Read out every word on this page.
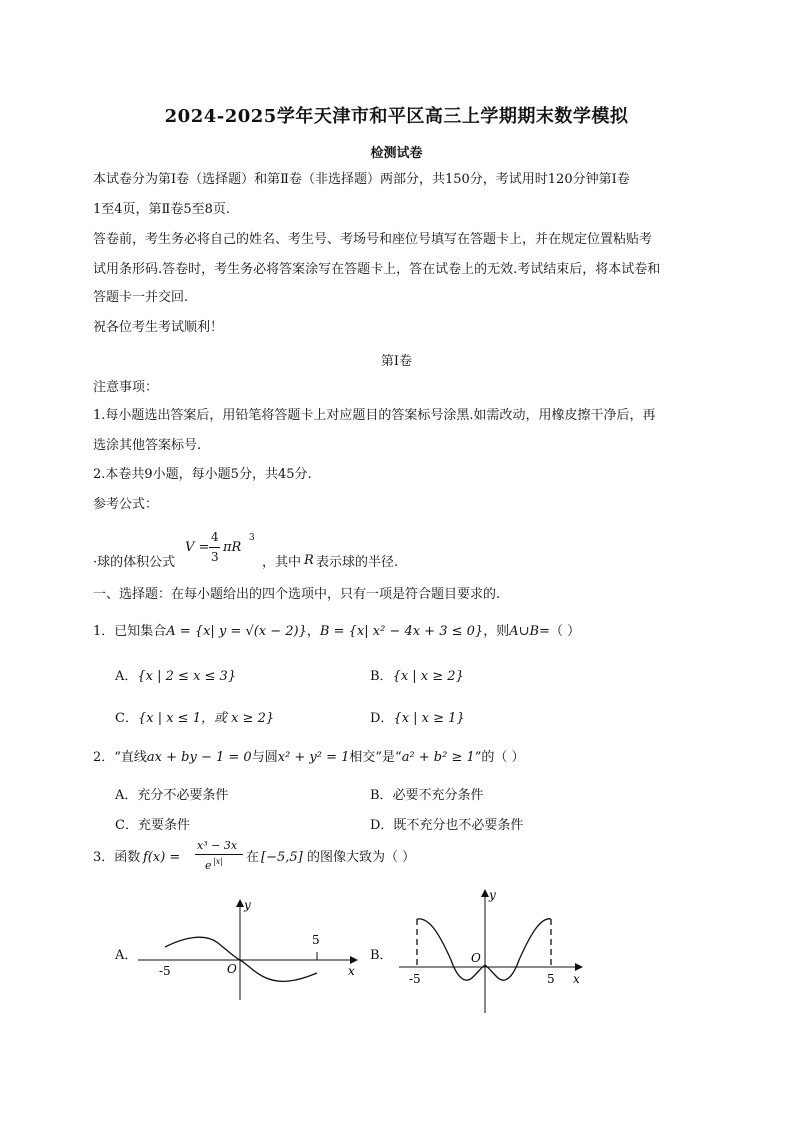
2024-2025学年天津市和平区高三上学期期末数学模拟
检测试卷
本试卷分为第Ⅰ卷（选择题）和第Ⅱ卷（非选择题）两部分，共150分，考试用时120分钟第Ⅰ卷
1至4页，第Ⅱ卷5至8页.
答卷前，考生务必将自己的姓名、考生号、考场号和座位号填写在答题卡上，并在规定位置粘贴考
试用条形码.答卷时，考生务必将答案涂写在答题卡上，答在试卷上的无效.考试结束后，将本试卷和
答题卡一并交回.
祝各位考生考试顺利！
第Ⅰ卷
注意事项：
1.每小题选出答案后，用铅笔将答题卡上对应题目的答案标号涂黑.如需改动，用橡皮擦干净后，再
选涂其他答案标号.
2.本卷共9小题，每小题5分，共45分.
参考公式：
·球的体积公式
V =
4
3
πR
3
，其中 R 表示球的半径.
一、选择题：在每小题给出的四个选项中，只有一项是符合题目要求的.
1．已知集合A = {x| y = √(x − 2)}，B = {x| x² − 4x + 3 ≤ 0}，则A∪B=（ ）
A．{x | 2 ≤ x ≤ 3}	B．{x | x ≥ 2}
C．{x | x ≤ 1，或 x ≥ 2}	D．{x | x ≥ 1}
2．“直线ax + by − 1 = 0与圆x² + y² = 1相交”是“a² + b² ≥ 1”的（ ）
A．充分不必要条件	B．必要不充分条件
C．充要条件	D．既不充分也不必要条件
3．函数 f(x) =
x³ − 3x
e |x| 在 [−5,5] 的图像大致为（ ）
A．	B．
-5
5
O	x
y
-5	5
O
x
y
